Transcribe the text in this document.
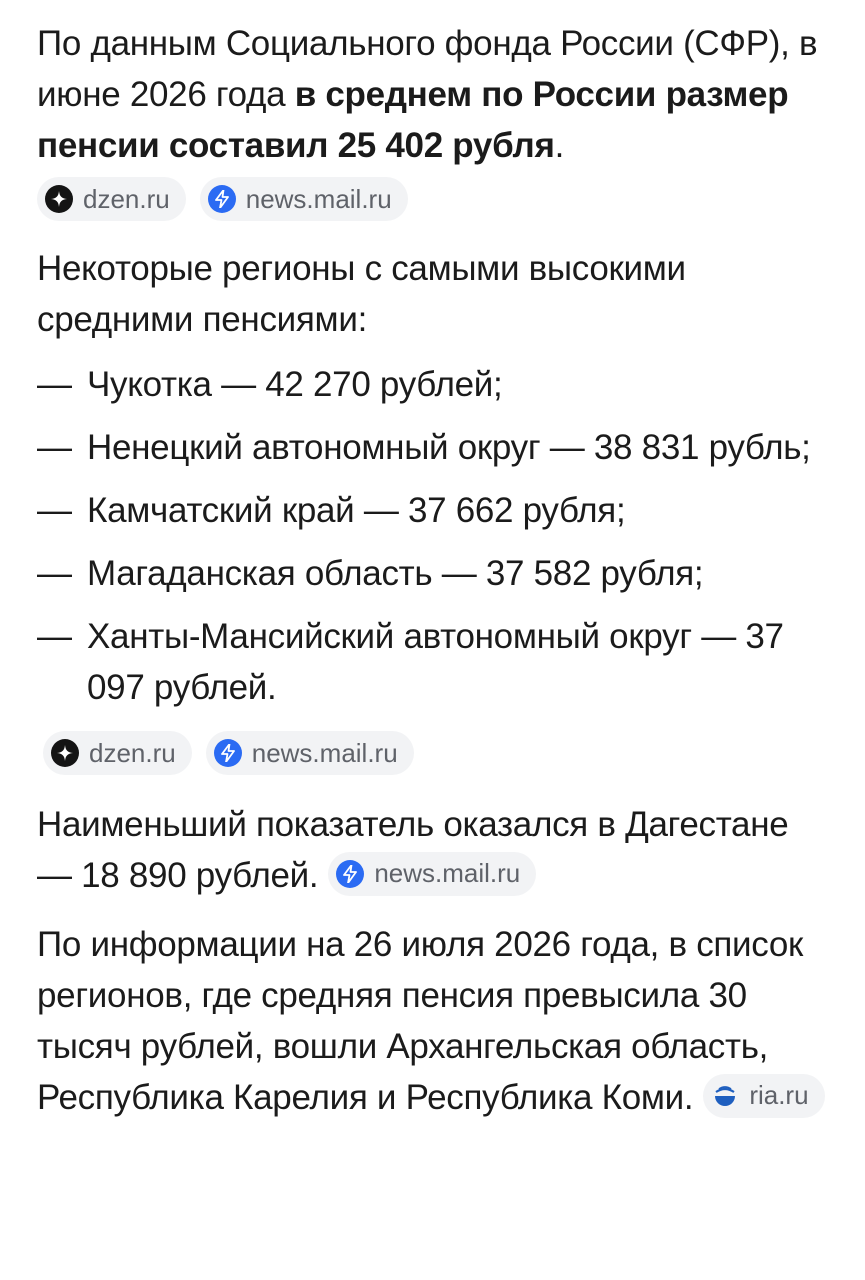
По данным Социального фонда России (СФР), в июне 2026 года в среднем по России размер пенсии составил 25 402 рубля.

dzen.ru	news.mail.ru

Некоторые регионы с самыми высокими средними пенсиями:

— Чукотка — 42 270 рублей;
— Ненецкий автономный округ — 38 831 рубль;
— Камчатский край — 37 662 рубля;
— Магаданская область — 37 582 рубля;
— Ханты-Мансийский автономный округ — 37 097 рублей.
dzen.ru	news.mail.ru

Наименьший показатель оказался в Дагестане — 18 890 рублей. news.mail.ru

По информации на 26 июля 2026 года, в список регионов, где средняя пенсия превысила 30 тысяч рублей, вошли Архангельская область, Республика Карелия и Республика Коми. ria.ru
